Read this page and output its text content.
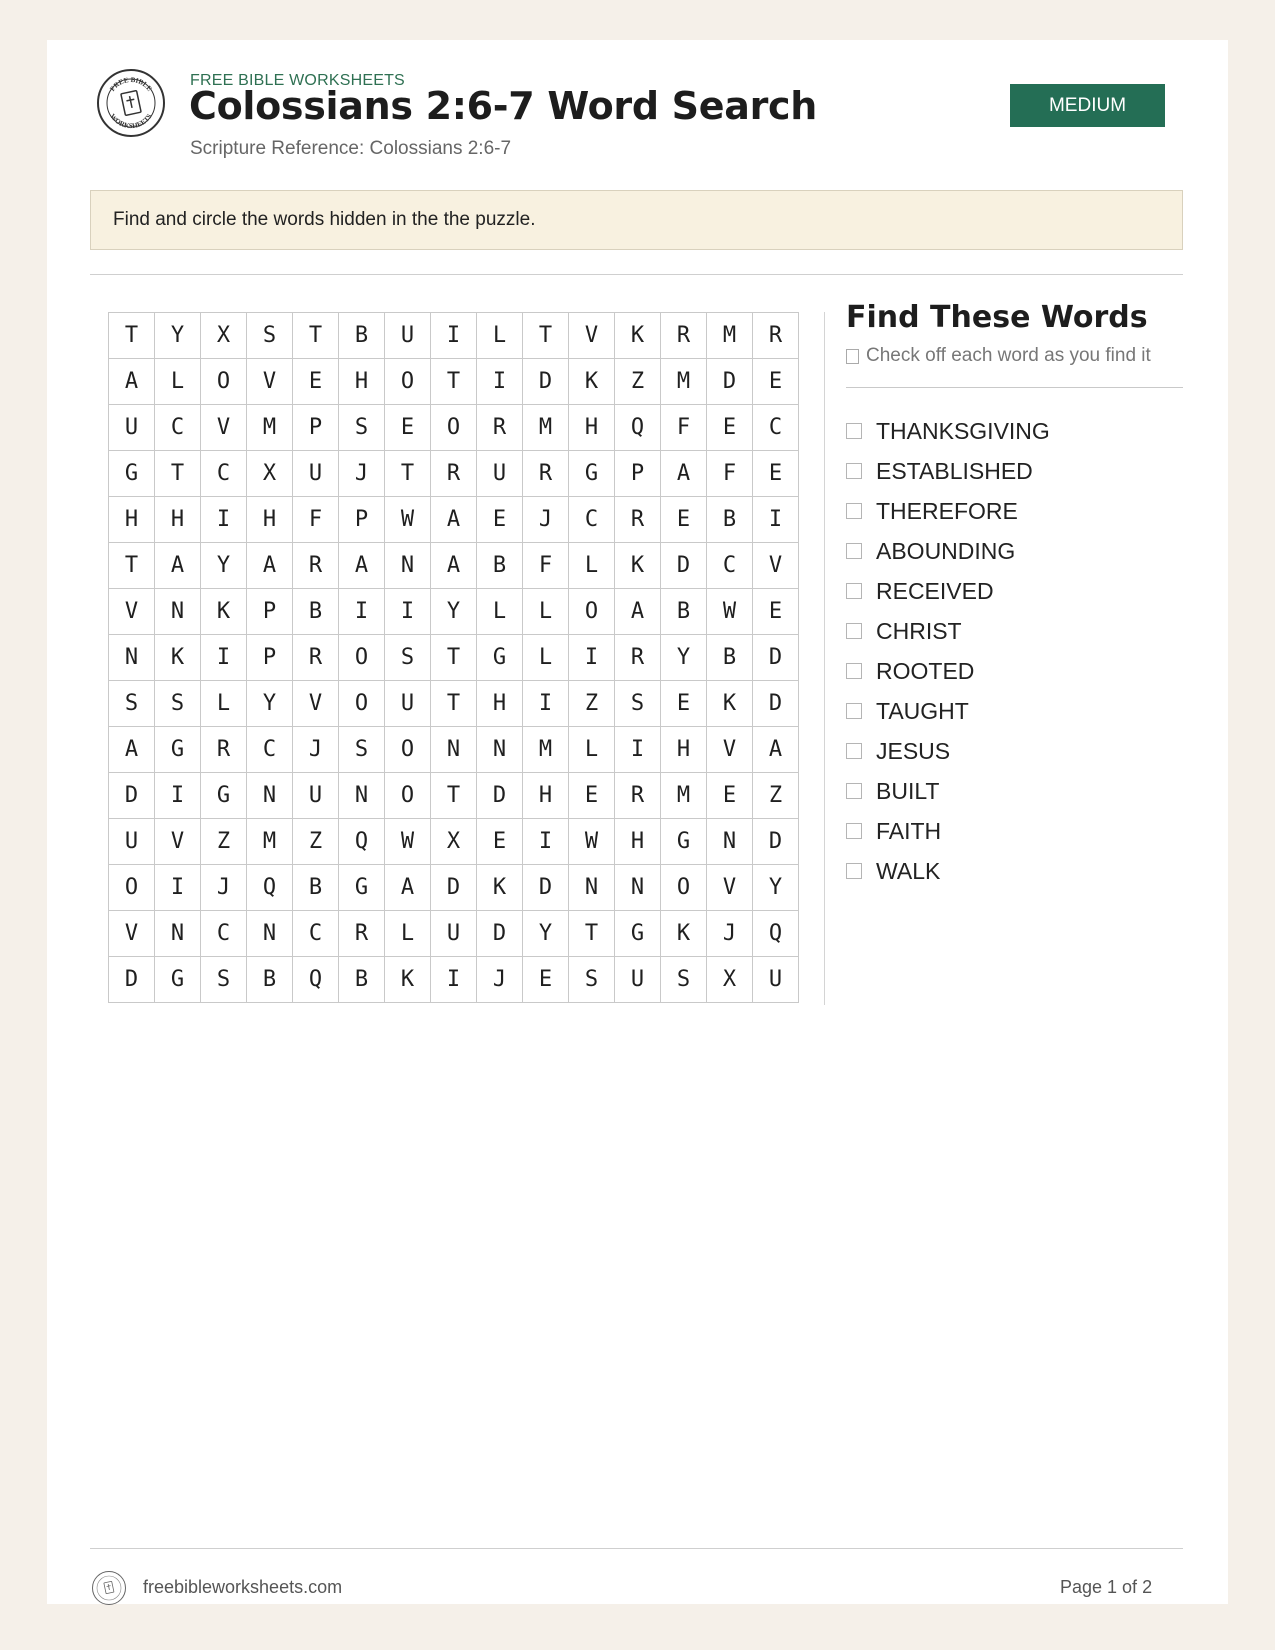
FREE BIBLE
WORKSHEETS
FREE BIBLE WORKSHEETS
Colossians 2:6-7 Word Search
Scripture Reference: Colossians 2:6-7
MEDIUM
Find and circle the words hidden in the the puzzle.
T	Y	X	S	T	B	U	I	L	T	V	K	R	M	R
A	L	O	V	E	H	O	T	I	D	K	Z	M	D	E
U	C	V	M	P	S	E	O	R	M	H	Q	F	E	C
G	T	C	X	U	J	T	R	U	R	G	P	A	F	E
H	H	I	H	F	P	W	A	E	J	C	R	E	B	I
T	A	Y	A	R	A	N	A	B	F	L	K	D	C	V
V	N	K	P	B	I	I	Y	L	L	O	A	B	W	E
N	K	I	P	R	O	S	T	G	L	I	R	Y	B	D
S	S	L	Y	V	O	U	T	H	I	Z	S	E	K	D
A	G	R	C	J	S	O	N	N	M	L	I	H	V	A
D	I	G	N	U	N	O	T	D	H	E	R	M	E	Z
U	V	Z	M	Z	Q	W	X	E	I	W	H	G	N	D
O	I	J	Q	B	G	A	D	K	D	N	N	O	V	Y
V	N	C	N	C	R	L	U	D	Y	T	G	K	J	Q
D	G	S	B	Q	B	K	I	J	E	S	U	S	X	U
Find These Words
Check off each word as you find it
THANKSGIVING
ESTABLISHED
THEREFORE
ABOUNDING
RECEIVED
CHRIST
ROOTED
TAUGHT
JESUS
BUILT
FAITH
WALK
freebibleworksheets.com	Page 1 of 2
